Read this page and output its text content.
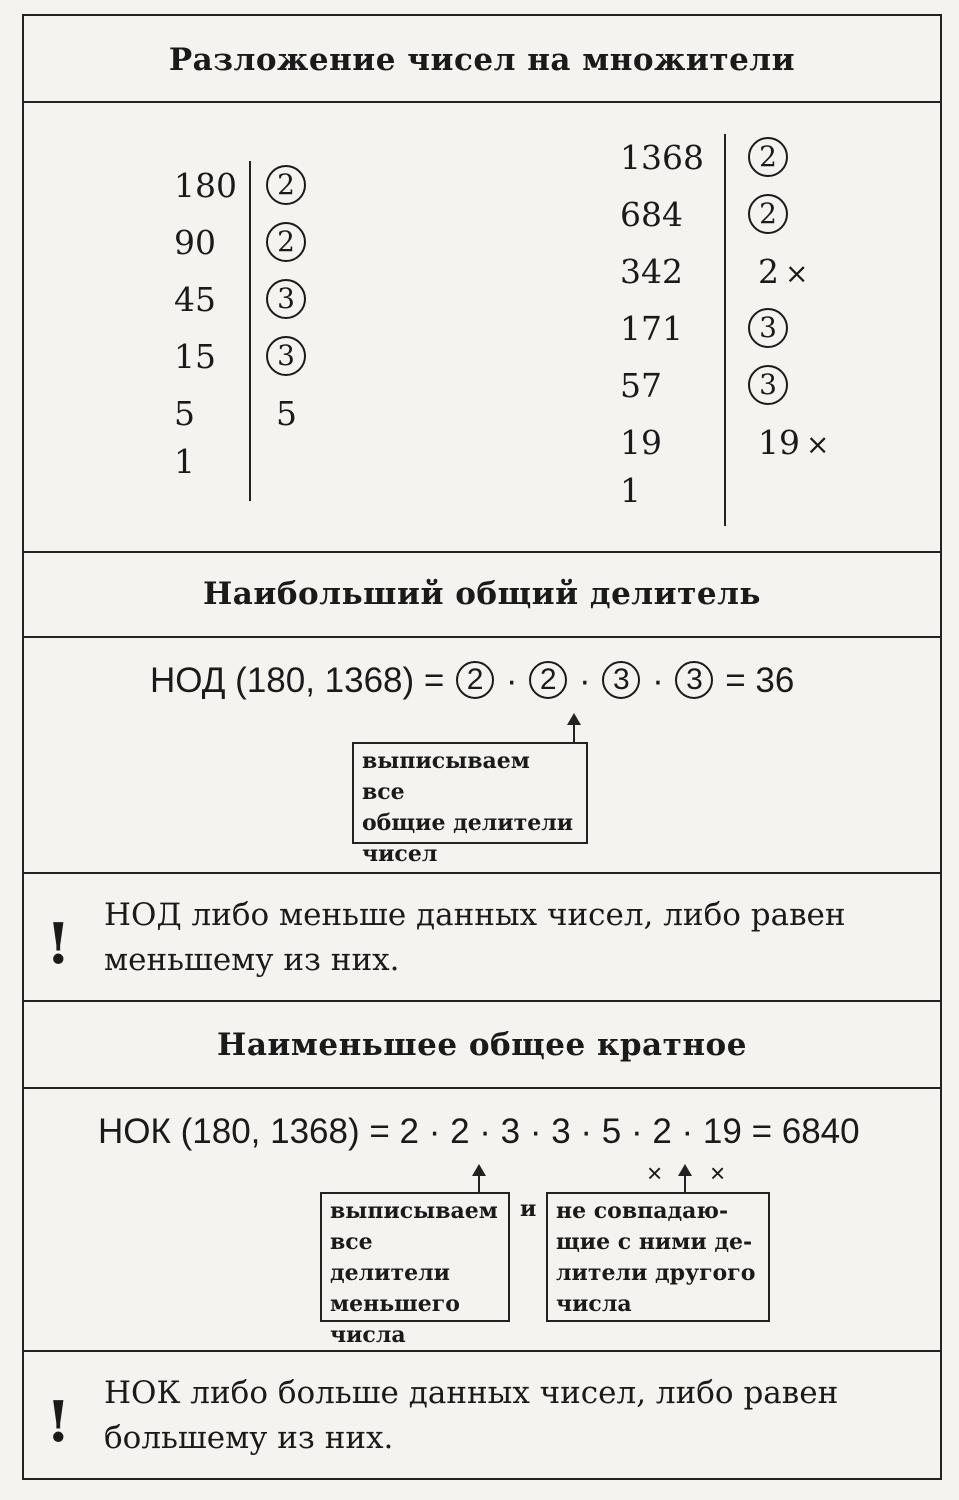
Разложение чисел на множители
180
90
45
15
5
1
2
2
3
3
5
1368
684
342
171
57
19
1
2
2
2 ×
3
3
19 ×
Наибольший общий делитель
НОД (180, 1368) = 2 · 2 · 3 · 3 = 36
выписываем все
общие делители
чисел
! НОД либо меньше данных чисел, либо равен
меньшему из них.
Наименьшее общее кратное
НОК (180, 1368) = 2 · 2 · 3 · 3 · 5 · 2 · 19 = 6840
× ×
выписываем
все делители
меньшего
числа
и не совпадаю-
щие с ними де-
лители другого
числа
! НОК либо больше данных чисел, либо равен
большему из них.
